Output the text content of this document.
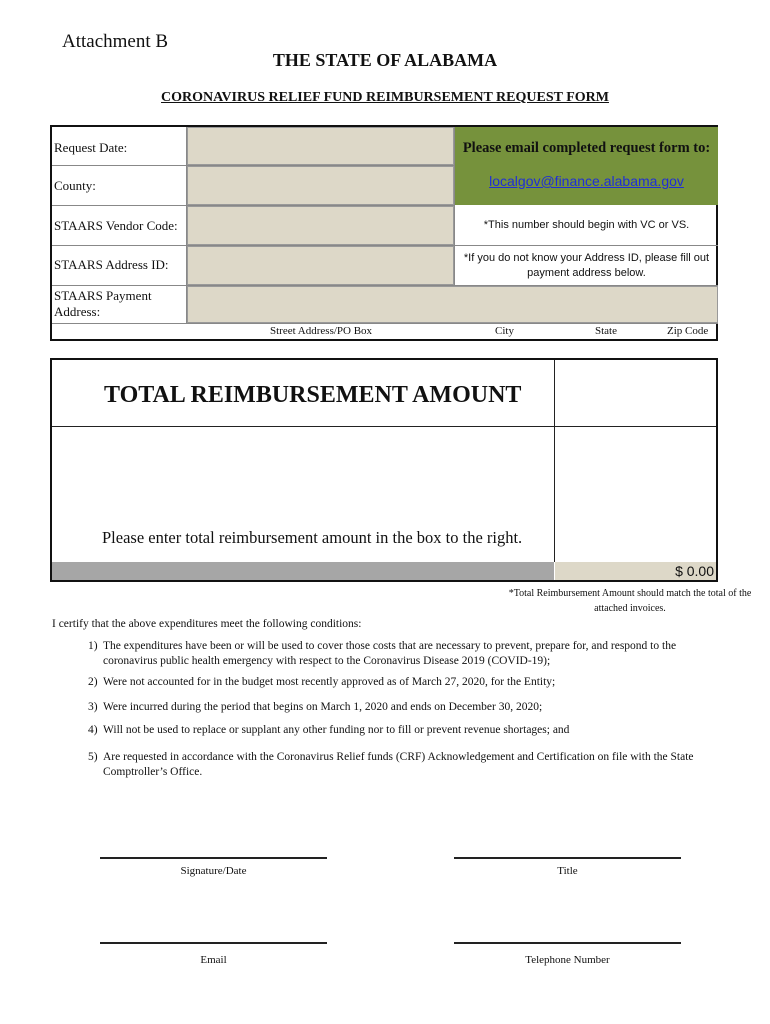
Attachment B
THE STATE OF ALABAMA
CORONAVIRUS RELIEF FUND REIMBURSEMENT REQUEST FORM
Request Date:
County:
STAARS Vendor Code:
STAARS Address ID:
STAARS Payment Address:
Please email completed request form to:
localgov@finance.alabama.gov
*This number should begin with VC or VS.
*If you do not know your Address ID, please fill out payment address below.
Street Address/PO Box	City	State	Zip Code
TOTAL REIMBURSEMENT AMOUNT
Please enter total reimbursement amount in the box to the right.
$ 0.00
*Total Reimbursement Amount should match the total of the attached invoices.
I certify that the above expenditures meet the following conditions:
1) The expenditures have been or will be used to cover those costs that are necessary to prevent, prepare for, and respond to the coronavirus public health emergency with respect to the Coronavirus Disease 2019 (COVID-19);
2) Were not accounted for in the budget most recently approved as of March 27, 2020, for the Entity;
3) Were incurred during the period that begins on March 1, 2020 and ends on December 30, 2020;
4) Will not be used to replace or supplant any other funding nor to fill or prevent revenue shortages; and
5) Are requested in accordance with the Coronavirus Relief funds (CRF) Acknowledgement and Certification on file with the State Comptroller’s Office.
Signature/Date	Title
Email	Telephone Number
